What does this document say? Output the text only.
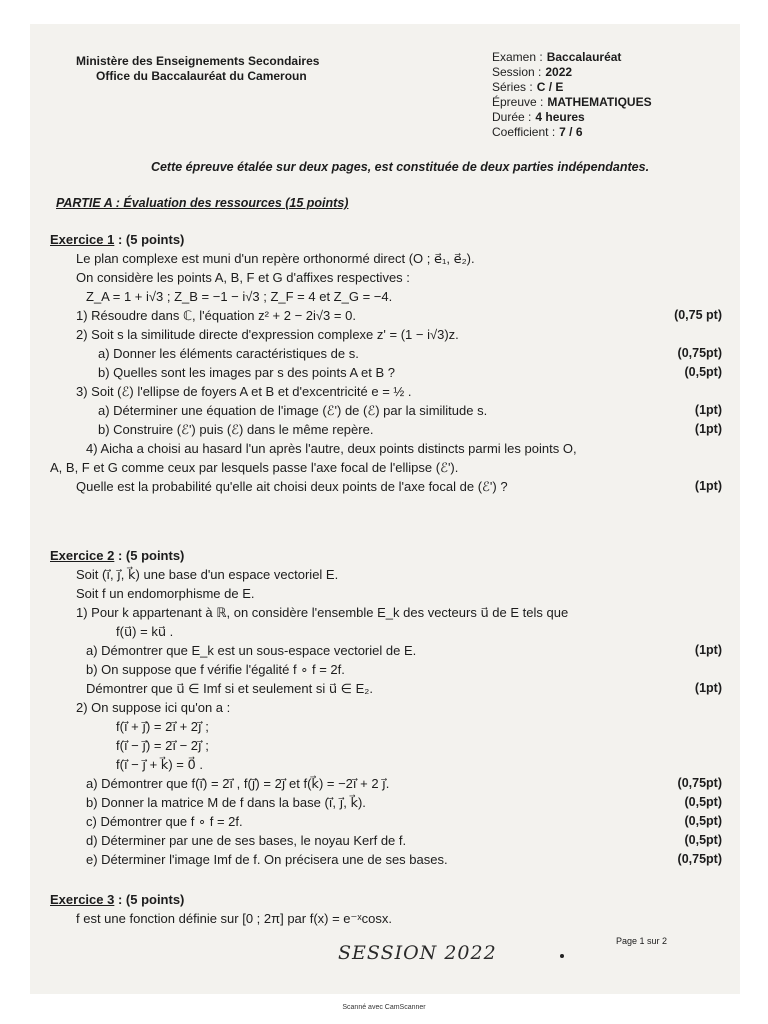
Ministère des Enseignements Secondaires
Office du Baccalauréat du Cameroun
Examen : Baccalauréat
Session : 2022
Séries : C / E
Épreuve : MATHEMATIQUES
Durée : 4 heures
Coefficient : 7 / 6
Cette épreuve étalée sur deux pages, est constituée de deux parties indépendantes.
PARTIE A : Évaluation des ressources (15 points)
Exercice 1 : (5 points)
Le plan complexe est muni d'un repère orthonormé direct (O ; e⃗₁, e⃗₂).
On considère les points A, B, F et G d'affixes respectives :
Z_A = 1 + i√3 ; Z_B = −1 − i√3 ; Z_F = 4 et Z_G = −4.
1) Résoudre dans ℂ, l'équation z² + 2 − 2i√3 = 0.	(0,75 pt)
2) Soit s la similitude directe d'expression complexe z' = (1 − i√3)z.
a) Donner les éléments caractéristiques de s.	(0,75pt)
b) Quelles sont les images par s des points A et B ?	(0,5pt)
3) Soit (ℰ) l'ellipse de foyers A et B et d'excentricité e = ½ .
a) Déterminer une équation de l'image (ℰ') de (ℰ) par la similitude s.	(1pt)
b) Construire (ℰ') puis (ℰ) dans le même repère.	(1pt)
4) Aicha a choisi au hasard l'un après l'autre, deux points distincts parmi les points O,
A, B, F et G comme ceux par lesquels passe l'axe focal de l'ellipse (ℰ').
Quelle est la probabilité qu'elle ait choisi deux points de l'axe focal de (ℰ') ?	(1pt)
Exercice 2 : (5 points)
Soit (i⃗, j⃗, k⃗) une base d'un espace vectoriel E.
Soit f un endomorphisme de E.
1) Pour k appartenant à ℝ, on considère l'ensemble E_k des vecteurs u⃗ de E tels que
f(u⃗) = ku⃗ .
a) Démontrer que E_k est un sous-espace vectoriel de E.	(1pt)
b) On suppose que f vérifie l'égalité f ∘ f = 2f.
Démontrer que u⃗ ∈ Imf si et seulement si u⃗ ∈ E₂.	(1pt)
2) On suppose ici qu'on a :
f(i⃗ + j⃗) = 2i⃗ + 2j⃗ ;
f(i⃗ − j⃗) = 2i⃗ − 2j⃗ ;
f(i⃗ − j⃗ + k⃗) = 0⃗ .
a) Démontrer que f(i⃗) = 2i⃗ , f(j⃗) = 2j⃗ et f(k⃗) = −2i⃗ + 2 j⃗.	(0,75pt)
b) Donner la matrice M de f dans la base (i⃗, j⃗, k⃗).	(0,5pt)
c) Démontrer que f ∘ f = 2f.	(0,5pt)
d) Déterminer par une de ses bases, le noyau Kerf de f.	(0,5pt)
e) Déterminer l'image Imf de f. On précisera une de ses bases.	(0,75pt)
Exercice 3 : (5 points)
f est une fonction définie sur [0 ; 2π] par f(x) = e⁻ˣcosx.
SESSION 2022
Page 1 sur 2
Scanné avec CamScanner
